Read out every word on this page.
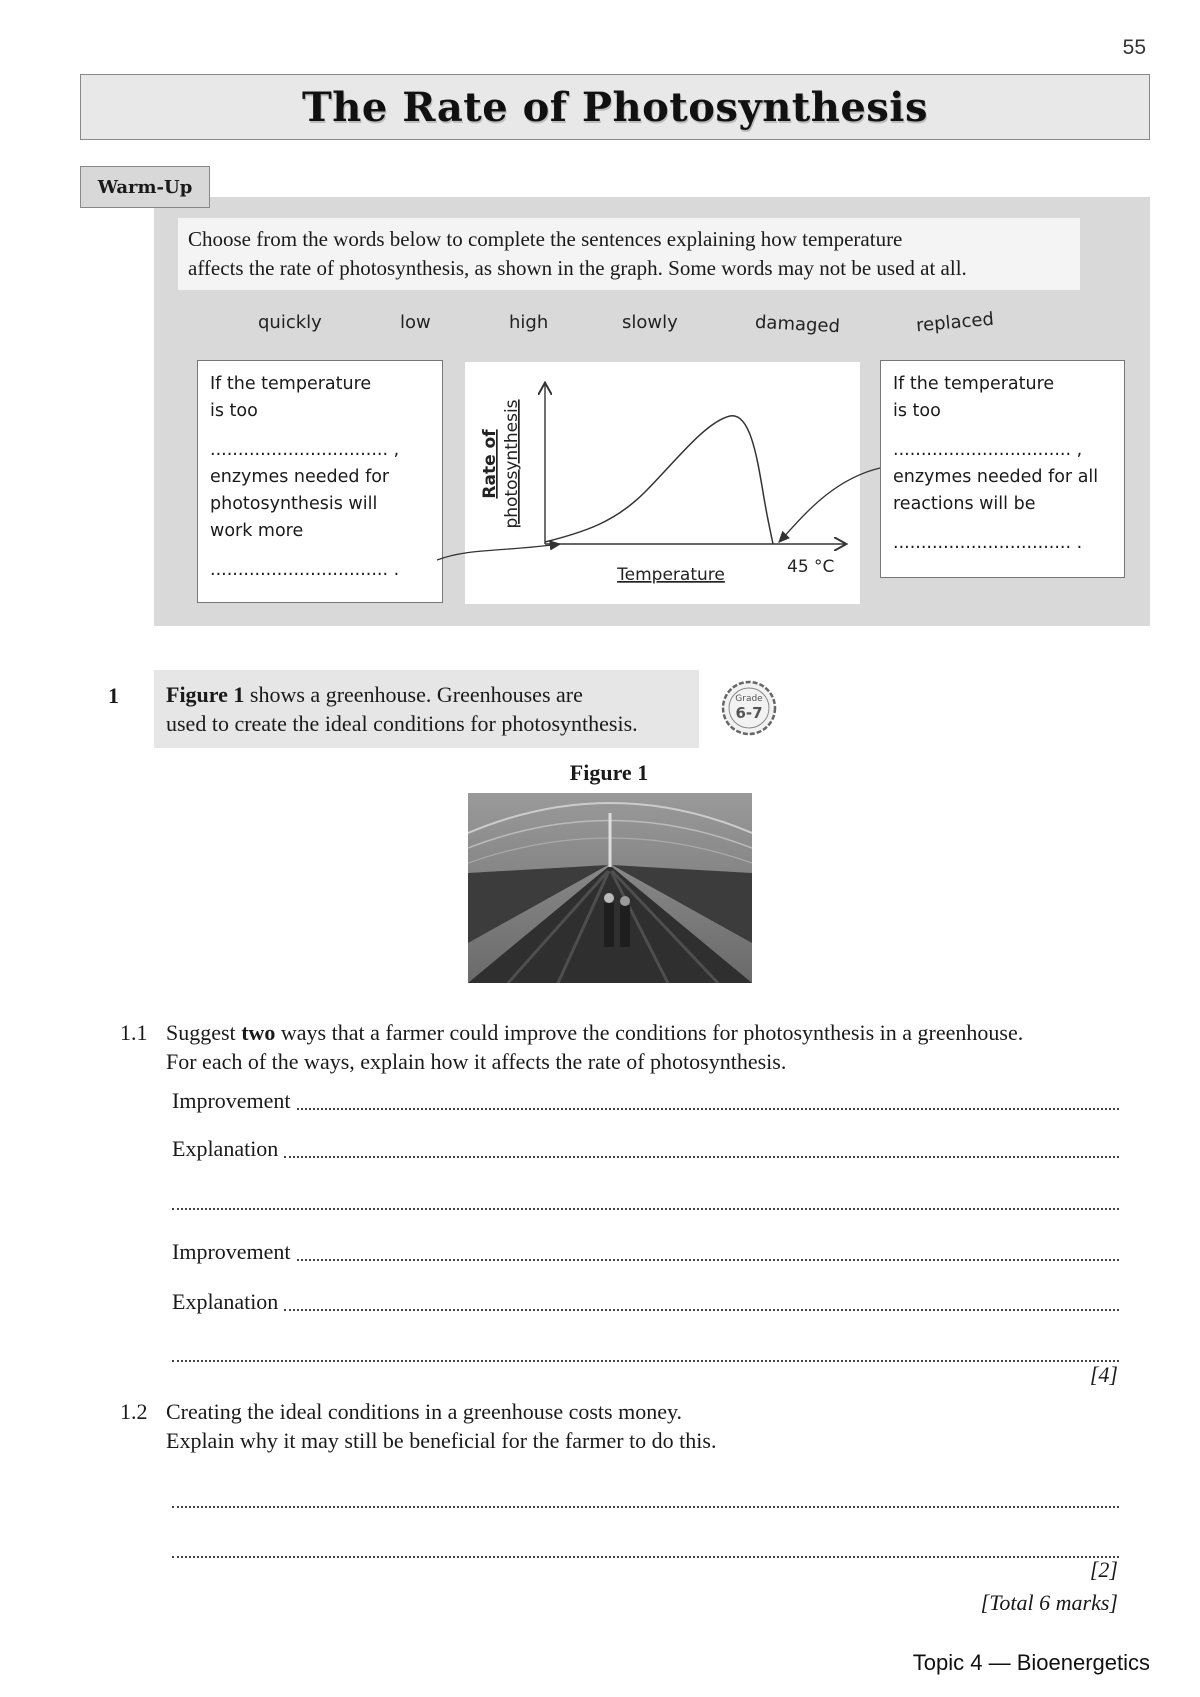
55
The Rate of Photosynthesis
Warm-Up
Choose from the words below to complete the sentences explaining how temperature
affects the rate of photosynthesis, as shown in the graph. Some words may not be used at all.
quickly	low	high	slowly	damaged	replaced
If the temperature
is too
................................ ,
enzymes needed for
photosynthesis will
work more
................................ .	Temperature	45 °C
Rate of photosynthesis
If the temperature
is too
................................ ,
enzymes needed for all
reactions will be
................................ .
1 Figure 1 shows a greenhouse. Greenhouses are
used to create the ideal conditions for photosynthesis.
Grade
6-7
Figure 1
1.1 Suggest two ways that a farmer could improve the conditions for photosynthesis in a greenhouse.
For each of the ways, explain how it affects the rate of photosynthesis.
Improvement
Explanation
Improvement
Explanation
[4]
1.2 Creating the ideal conditions in a greenhouse costs money.
Explain why it may still be beneficial for the farmer to do this.
[2]
[Total 6 marks]
Topic 4 — Bioenergetics
